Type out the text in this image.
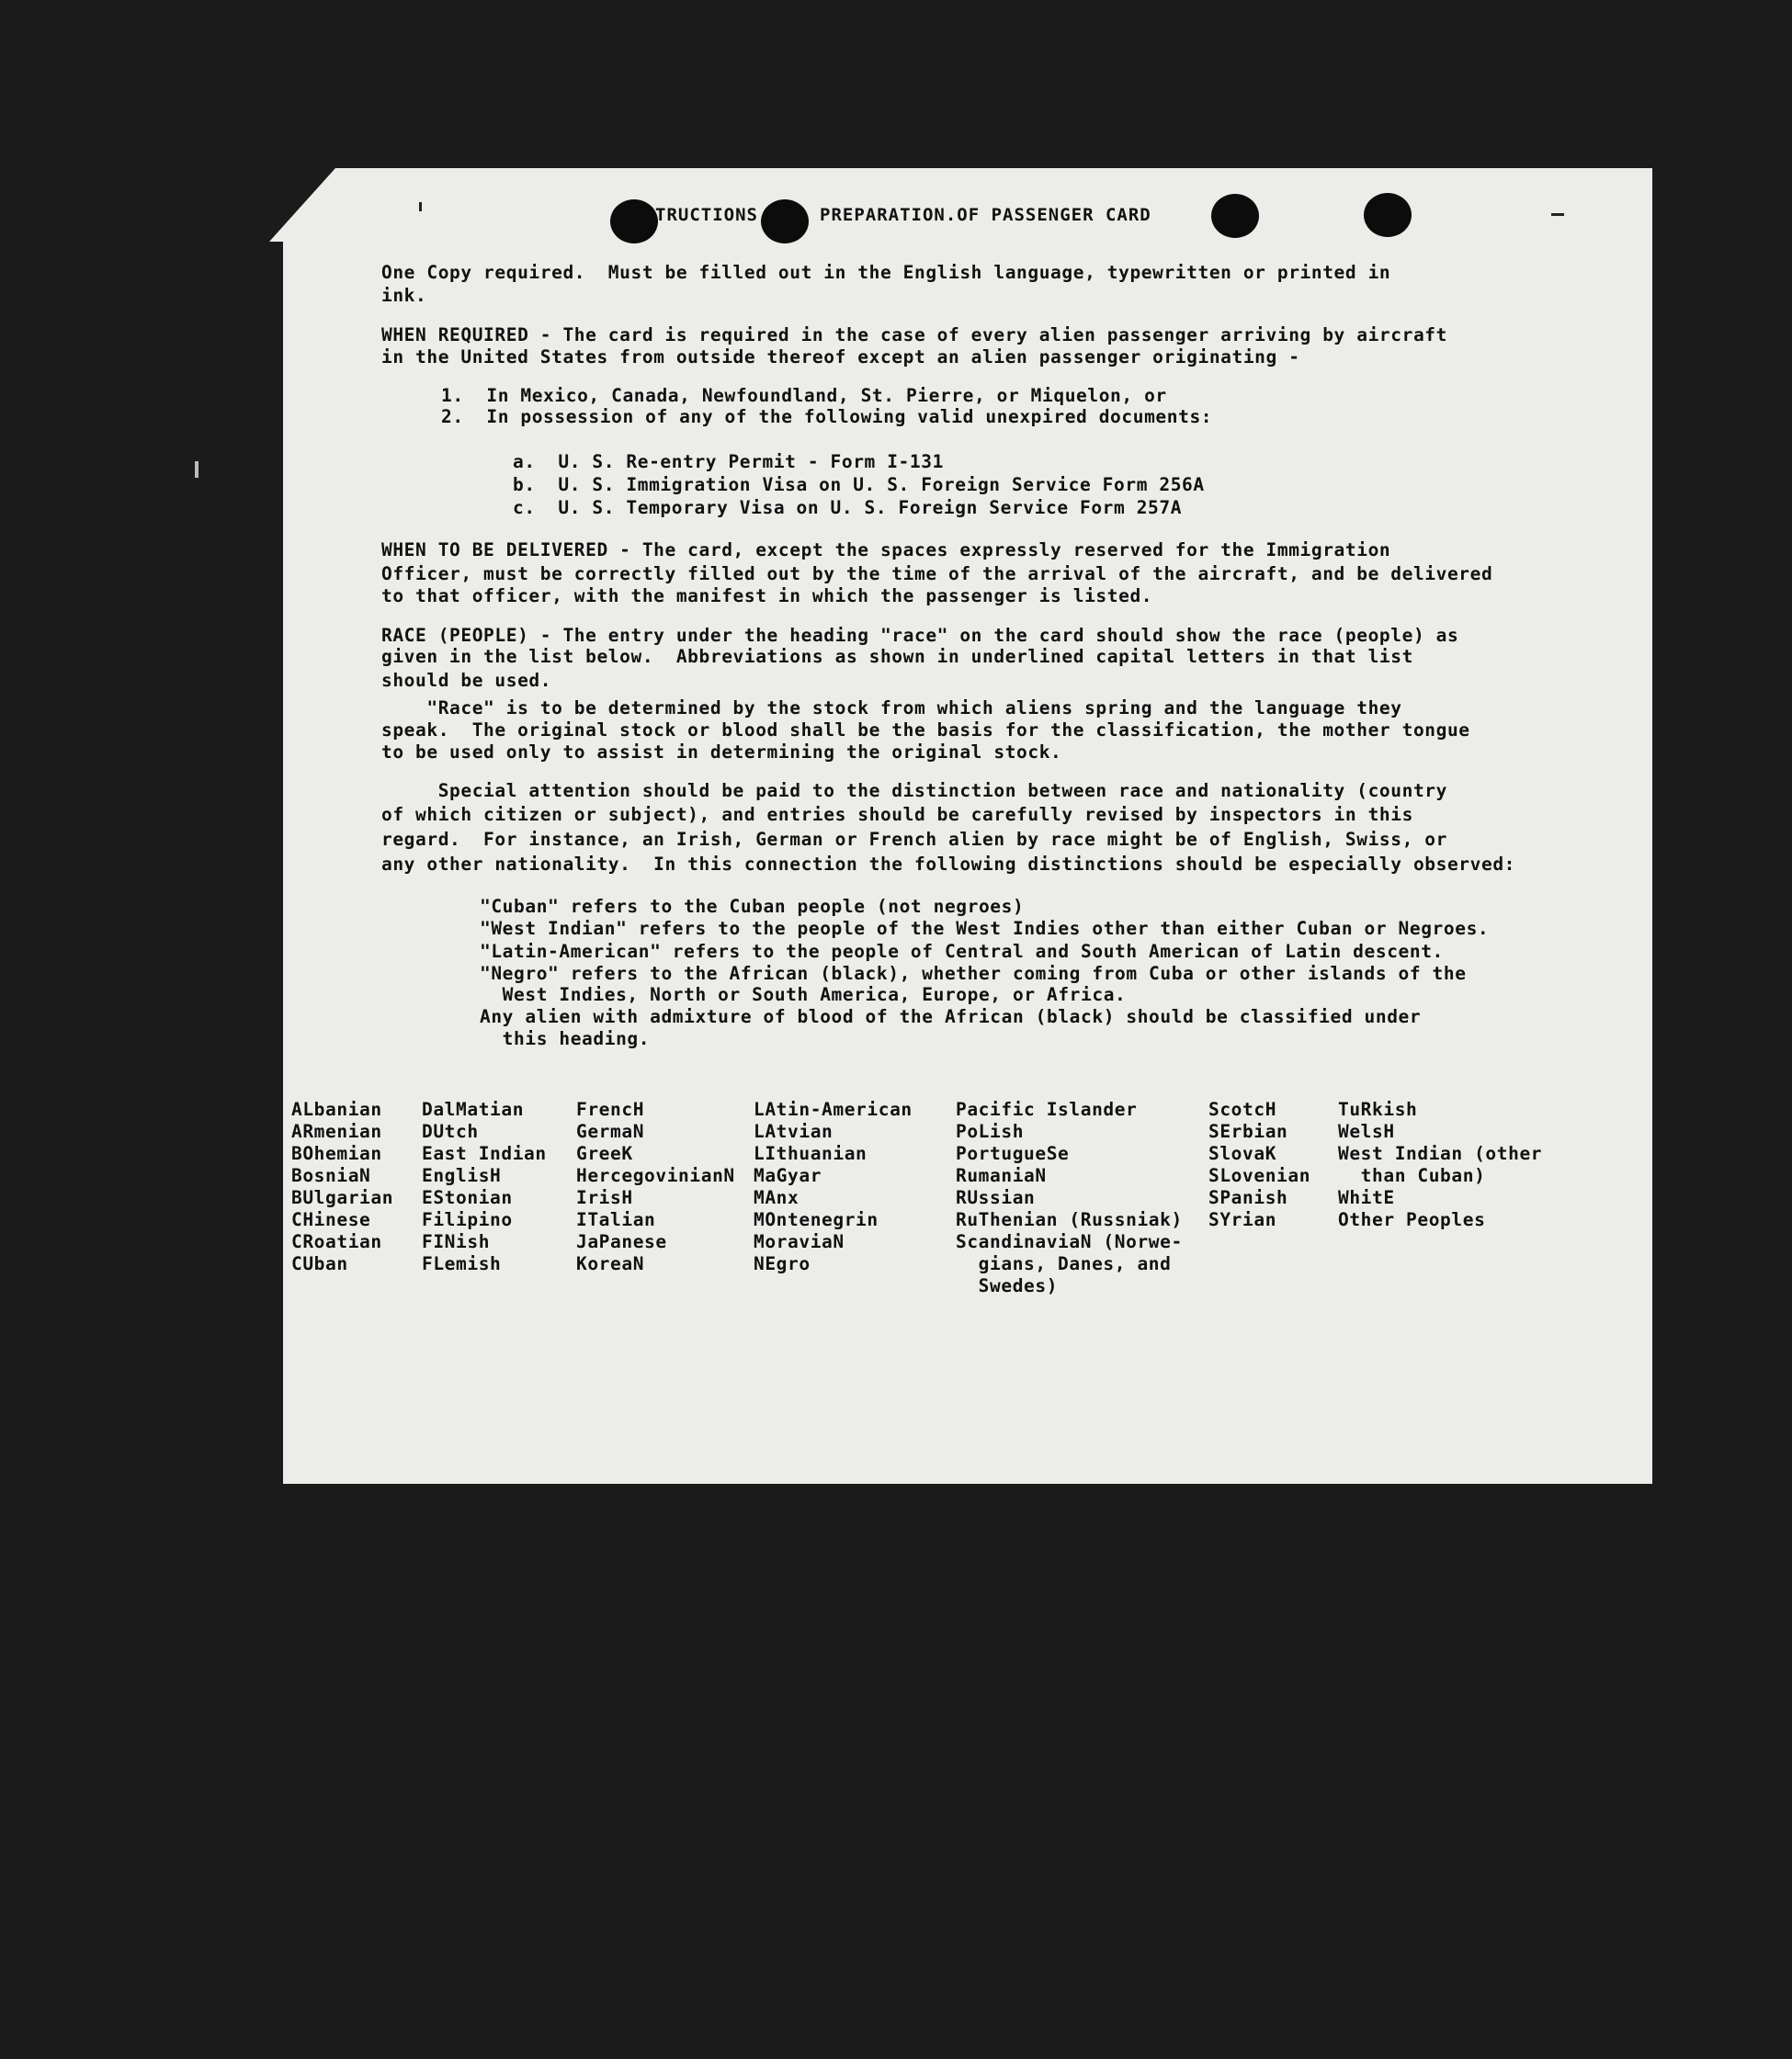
TRUCTIONS	PREPARATION.OF PASSENGER CARD
One Copy required.  Must be filled out in the English language, typewritten or printed in
ink.
WHEN REQUIRED - The card is required in the case of every alien passenger arriving by aircraft
in the United States from outside thereof except an alien passenger originating -
1.  In Mexico, Canada, Newfoundland, St. Pierre, or Miquelon, or
2.  In possession of any of the following valid unexpired documents:
a.  U. S. Re-entry Permit - Form I-131
b.  U. S. Immigration Visa on U. S. Foreign Service Form 256A
c.  U. S. Temporary Visa on U. S. Foreign Service Form 257A
WHEN TO BE DELIVERED - The card, except the spaces expressly reserved for the Immigration
Officer, must be correctly filled out by the time of the arrival of the aircraft, and be delivered
to that officer, with the manifest in which the passenger is listed.
RACE (PEOPLE) - The entry under the heading "race" on the card should show the race (people) as
given in the list below.  Abbreviations as shown in underlined capital letters in that list
should be used.
"Race" is to be determined by the stock from which aliens spring and the language they
speak.  The original stock or blood shall be the basis for the classification, the mother tongue
to be used only to assist in determining the original stock.
Special attention should be paid to the distinction between race and nationality (country
of which citizen or subject), and entries should be carefully revised by inspectors in this
regard.  For instance, an Irish, German or French alien by race might be of English, Swiss, or
any other nationality.  In this connection the following distinctions should be especially observed:
"Cuban" refers to the Cuban people (not negroes)
"West Indian" refers to the people of the West Indies other than either Cuban or Negroes.
"Latin-American" refers to the people of Central and South American of Latin descent.
"Negro" refers to the African (black), whether coming from Cuba or other islands of the
West Indies, North or South America, Europe, or Africa.
Any alien with admixture of blood of the African (black) should be classified under
this heading.
ALbanian
ARmenian
BOhemian
BosniaN
BUlgarian
CHinese
CRoatian
CUban
DalMatian
DUtch
East Indian
EnglisH
EStonian
Filipino
FINish
FLemish
FrencH
GermaN
GreeK
HercegovinianN
IrisH
ITalian
JaPanese
KoreaN
LAtin-American
LAtvian
LIthuanian
MaGyar
MAnx
MOntenegrin
MoraviaN
NEgro
Pacific Islander
PoLish
PortugueSe
RumaniaN
RUssian
RuThenian (Russniak)
ScandinaviaN (Norwe-
gians, Danes, and
Swedes)
ScotcH
SErbian
SlovaK
SLovenian
SPanish
SYrian
TuRkish
WelsH
West Indian (other
than Cuban)
WhitE
Other Peoples
